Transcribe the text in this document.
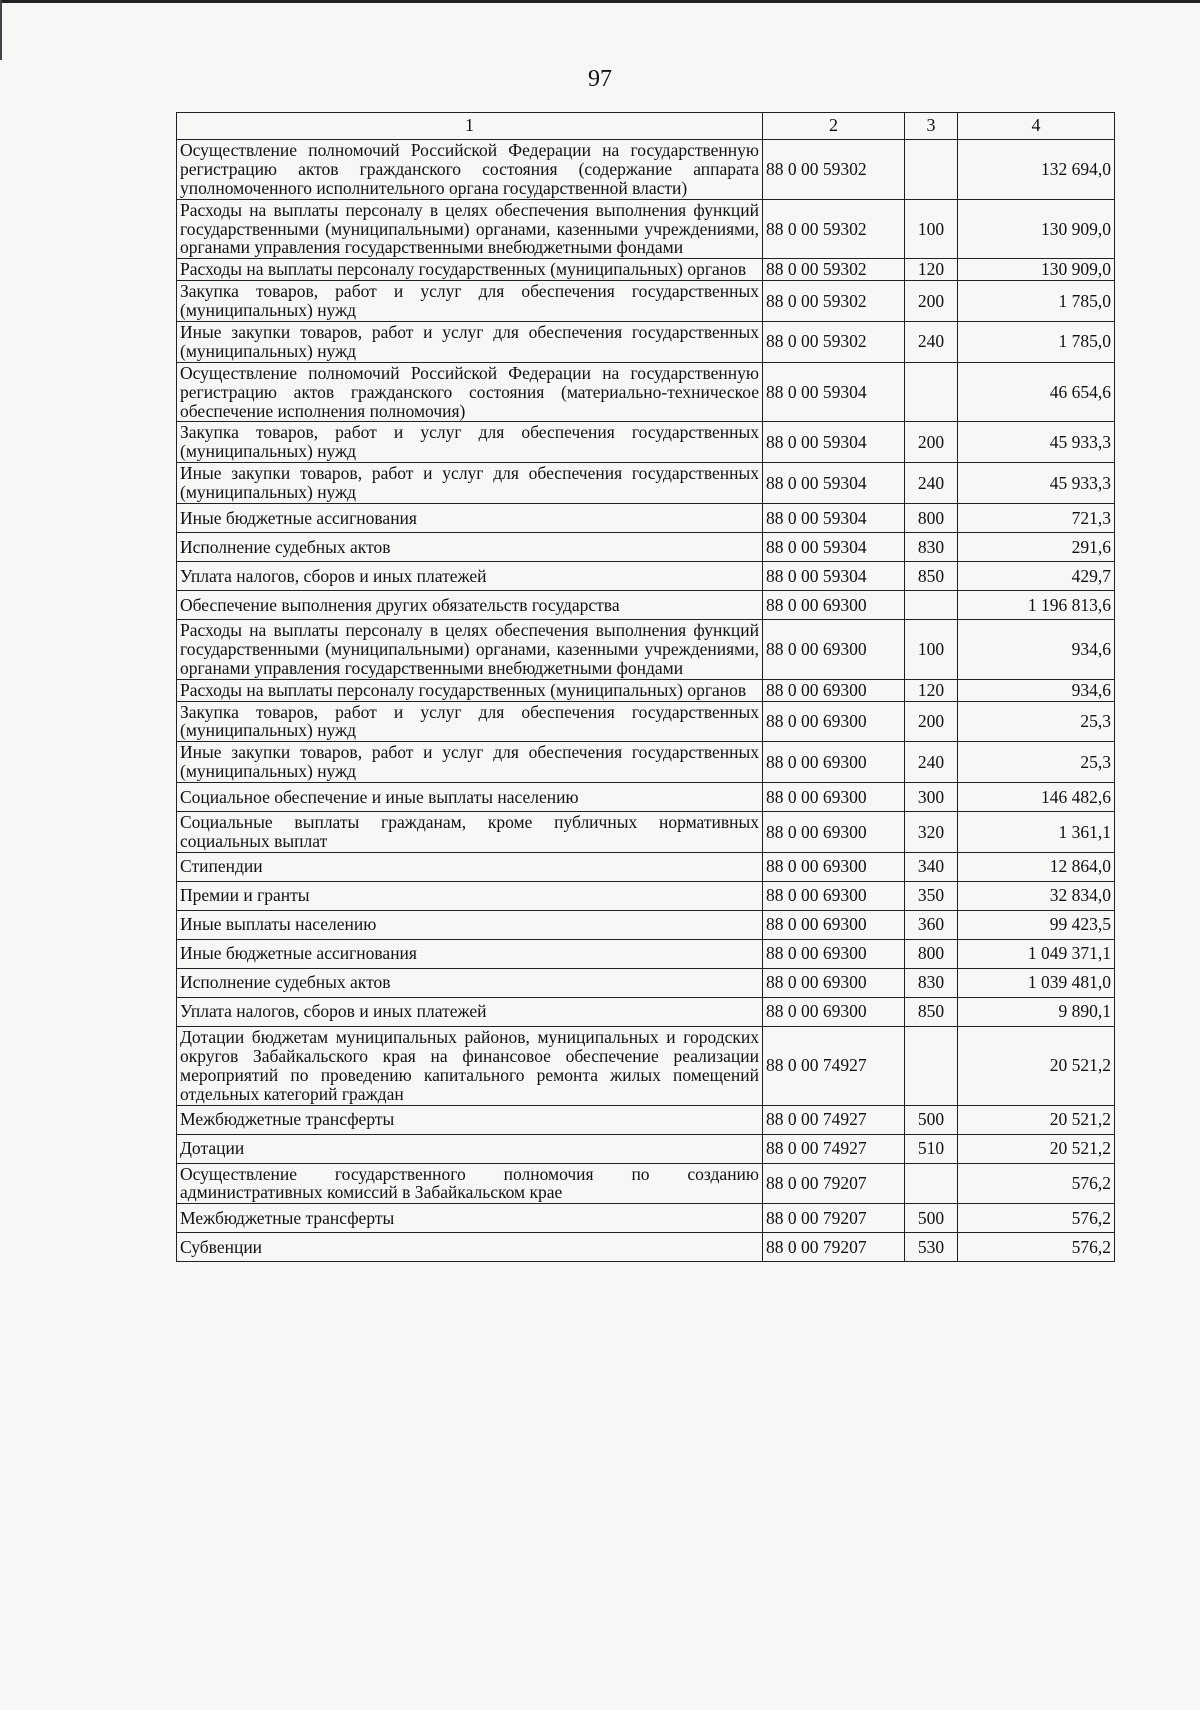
97
1	2	3	4
Осуществление полномочий Российской Федерации на государственную регистрацию актов гражданского состояния (содержание аппарата уполномоченного исполнительного органа государственной власти)	88 0 00 59302		132 694,0
Расходы на выплаты персоналу в целях обеспечения выполнения функций государственными (муниципальными) органами, казенными учреждениями, органами управления государственными внебюджетными фондами	88 0 00 59302	100	130 909,0
Расходы на выплаты персоналу государственных (муниципальных) органов	88 0 00 59302	120	130 909,0
Закупка товаров, работ и услуг для обеспечения государственных (муниципальных) нужд	88 0 00 59302	200	1 785,0
Иные закупки товаров, работ и услуг для обеспечения государственных (муниципальных) нужд	88 0 00 59302	240	1 785,0
Осуществление полномочий Российской Федерации на государственную регистрацию актов гражданского состояния (материально-техническое обеспечение исполнения полномочия)	88 0 00 59304		46 654,6
Закупка товаров, работ и услуг для обеспечения государственных (муниципальных) нужд	88 0 00 59304	200	45 933,3
Иные закупки товаров, работ и услуг для обеспечения государственных (муниципальных) нужд	88 0 00 59304	240	45 933,3
Иные бюджетные ассигнования	88 0 00 59304	800	721,3
Исполнение судебных актов	88 0 00 59304	830	291,6
Уплата налогов, сборов и иных платежей	88 0 00 59304	850	429,7
Обеспечение выполнения других обязательств государства	88 0 00 69300		1 196 813,6
Расходы на выплаты персоналу в целях обеспечения выполнения функций государственными (муниципальными) органами, казенными учреждениями, органами управления государственными внебюджетными фондами	88 0 00 69300	100	934,6
Расходы на выплаты персоналу государственных (муниципальных) органов	88 0 00 69300	120	934,6
Закупка товаров, работ и услуг для обеспечения государственных (муниципальных) нужд	88 0 00 69300	200	25,3
Иные закупки товаров, работ и услуг для обеспечения государственных (муниципальных) нужд	88 0 00 69300	240	25,3
Социальное обеспечение и иные выплаты населению	88 0 00 69300	300	146 482,6
Социальные выплаты гражданам, кроме публичных нормативных социальных выплат	88 0 00 69300	320	1 361,1
Стипендии	88 0 00 69300	340	12 864,0
Премии и гранты	88 0 00 69300	350	32 834,0
Иные выплаты населению	88 0 00 69300	360	99 423,5
Иные бюджетные ассигнования	88 0 00 69300	800	1 049 371,1
Исполнение судебных актов	88 0 00 69300	830	1 039 481,0
Уплата налогов, сборов и иных платежей	88 0 00 69300	850	9 890,1
Дотации бюджетам муниципальных районов, муниципальных и городских округов Забайкальского края на финансовое обеспечение реализации мероприятий по проведению капитального ремонта жилых помещений отдельных категорий граждан	88 0 00 74927		20 521,2
Межбюджетные трансферты	88 0 00 74927	500	20 521,2
Дотации	88 0 00 74927	510	20 521,2
Осуществление государственного полномочия по созданию административных комиссий в Забайкальском крае	88 0 00 79207		576,2
Межбюджетные трансферты	88 0 00 79207	500	576,2
Субвенции	88 0 00 79207	530	576,2
